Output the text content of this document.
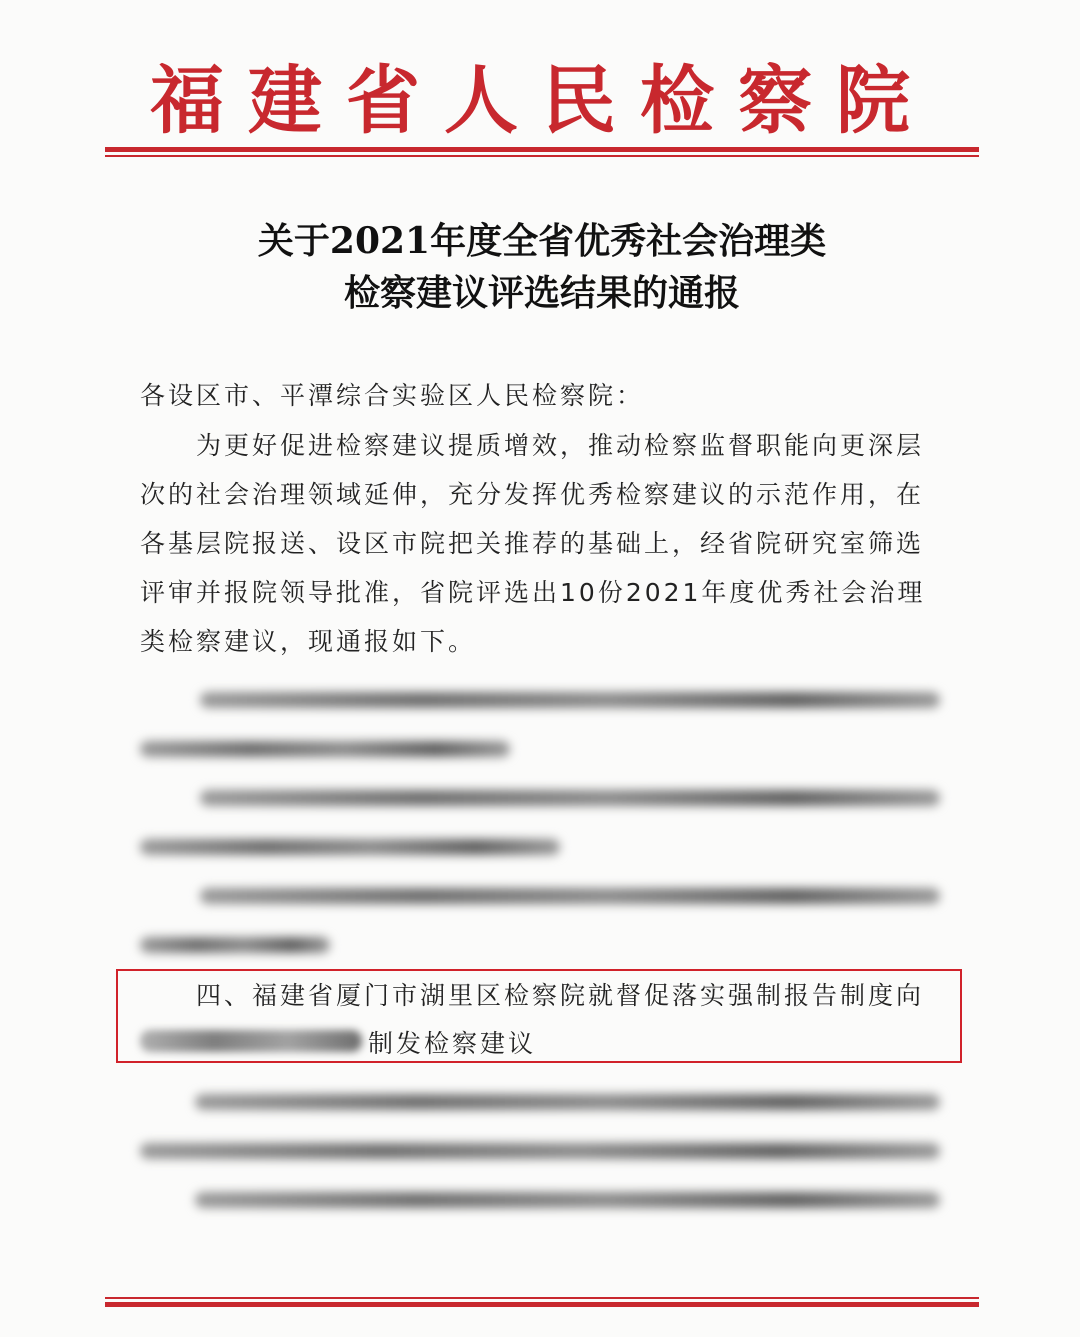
福建省人民检察院
关于2021年度全省优秀社会治理类
检察建议评选结果的通报
各设区市、平潭综合实验区人民检察院：
为更好促进检察建议提质增效，推动检察监督职能向更深层
次的社会治理领域延伸，充分发挥优秀检察建议的示范作用，在
各基层院报送、设区市院把关推荐的基础上，经省院研究室筛选
评审并报院领导批准，省院评选出10份2021年度优秀社会治理
类检察建议，现通报如下。
四、福建省厦门市湖里区检察院就督促落实强制报告制度向
制发检察建议
